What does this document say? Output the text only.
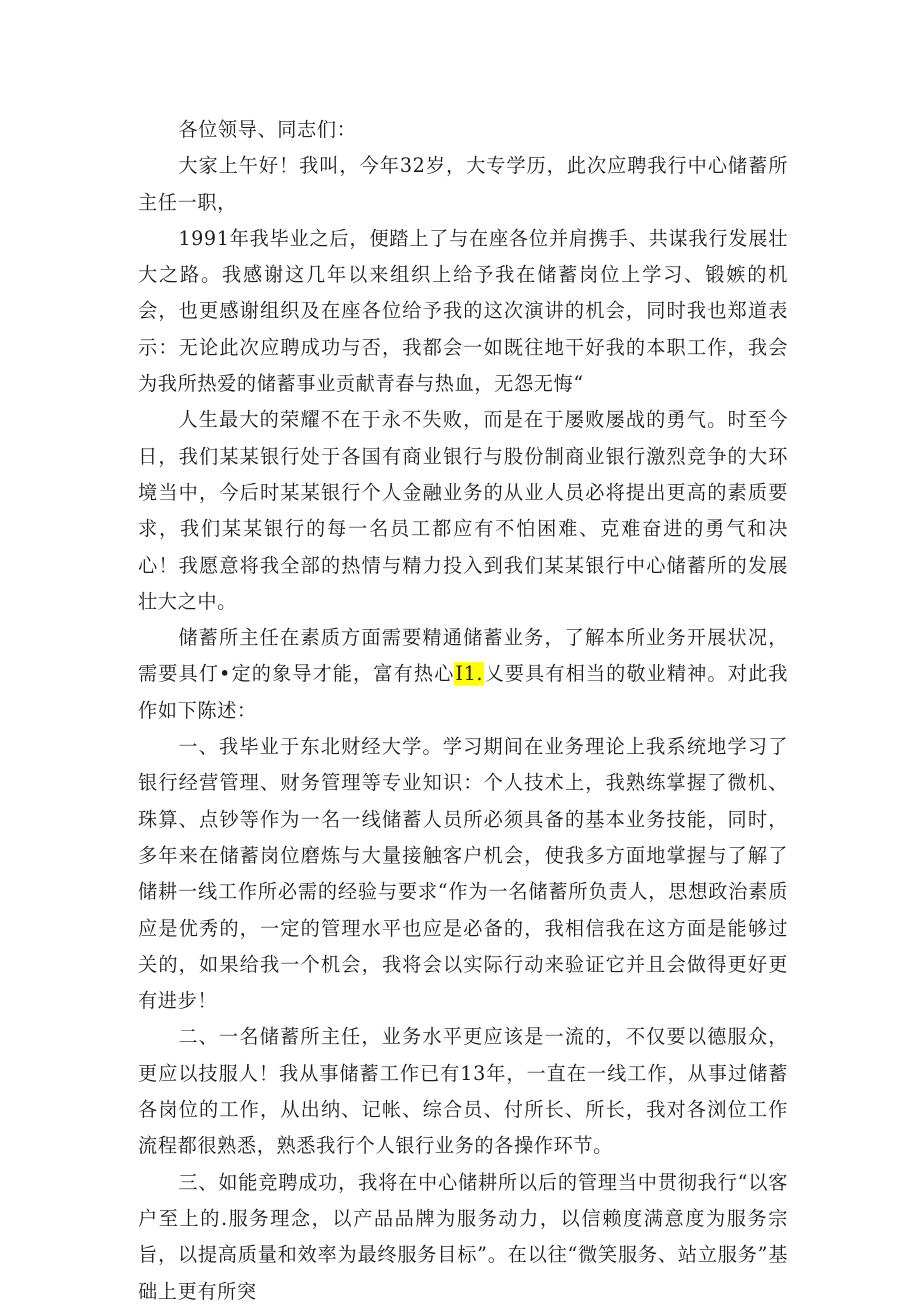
各位领导、同志们：

大家上午好！我叫，今年32岁，大专学历，此次应聘我行中心储蓄所主任一职，

1991年我毕业之后，便踏上了与在座各位并肩携手、共谋我行发展壮大之路。我感谢这几年以来组织上给予我在储蓄岗位上学习、锻嫉的机会，也更感谢组织及在座各位给予我的这次演讲的机会，同时我也郑道表示：无论此次应聘成功与否，我都会一如既往地干好我的本职工作，我会为我所热爱的储蓄事业贡献青春与热血，无怨无悔“

人生最大的荣耀不在于永不失败，而是在于屡败屡战的勇气。时至今日，我们某某银行处于各国有商业银行与股份制商业银行激烈竞争的大环境当中，今后时某某银行个人金融业务的从业人员必将提出更高的素质要求，我们某某银行的每一名员工都应有不怕困难、克难奋进的勇气和决心！我愿意将我全部的热情与精力投入到我们某某银行中心储蓄所的发展壮大之中。

储蓄所主任在素质方面需要精通储蓄业务，了解本所业务开展状况，需要具仃•定的象导才能，富有热心I1.乂要具有相当的敬业精神。对此我作如下陈述：

一、我毕业于东北财经大学。学习期间在业务理论上我系统地学习了银行经营管理、财务管理等专业知识：个人技术上，我熟练掌握了微机、珠算、点钞等作为一名一线储蓄人员所必须具备的基本业务技能，同时，多年来在储蓄岗位磨炼与大量接触客户机会，使我多方面地掌握与了解了储耕一线工作所必需的经验与要求“作为一名储蓄所负责人，思想政治素质应是优秀的，一定的管理水平也应是必备的，我相信我在这方面是能够过关的，如果给我一个机会，我将会以实际行动来验证它并且会做得更好更有进步！

二、一名储蓄所主任，业务水平更应该是一流的，不仅要以德服众，更应以技服人！我从事储蓄工作已有13年，一直在一线工作，从事过储蓄各岗位的工作，从出纳、记帐、综合员、付所长、所长，我对各浏位工作流程都很熟悉，熟悉我行个人银行业务的各操作环节。

三、如能竞聘成功，我将在中心储耕所以后的管理当中贯彻我行“以客户至上的.服务理念，以产品品牌为服务动力，以信赖度满意度为服务宗旨，以提高质量和效率为最终服务目标”。在以往“微笑服务、站立服务”基础上更有所突
